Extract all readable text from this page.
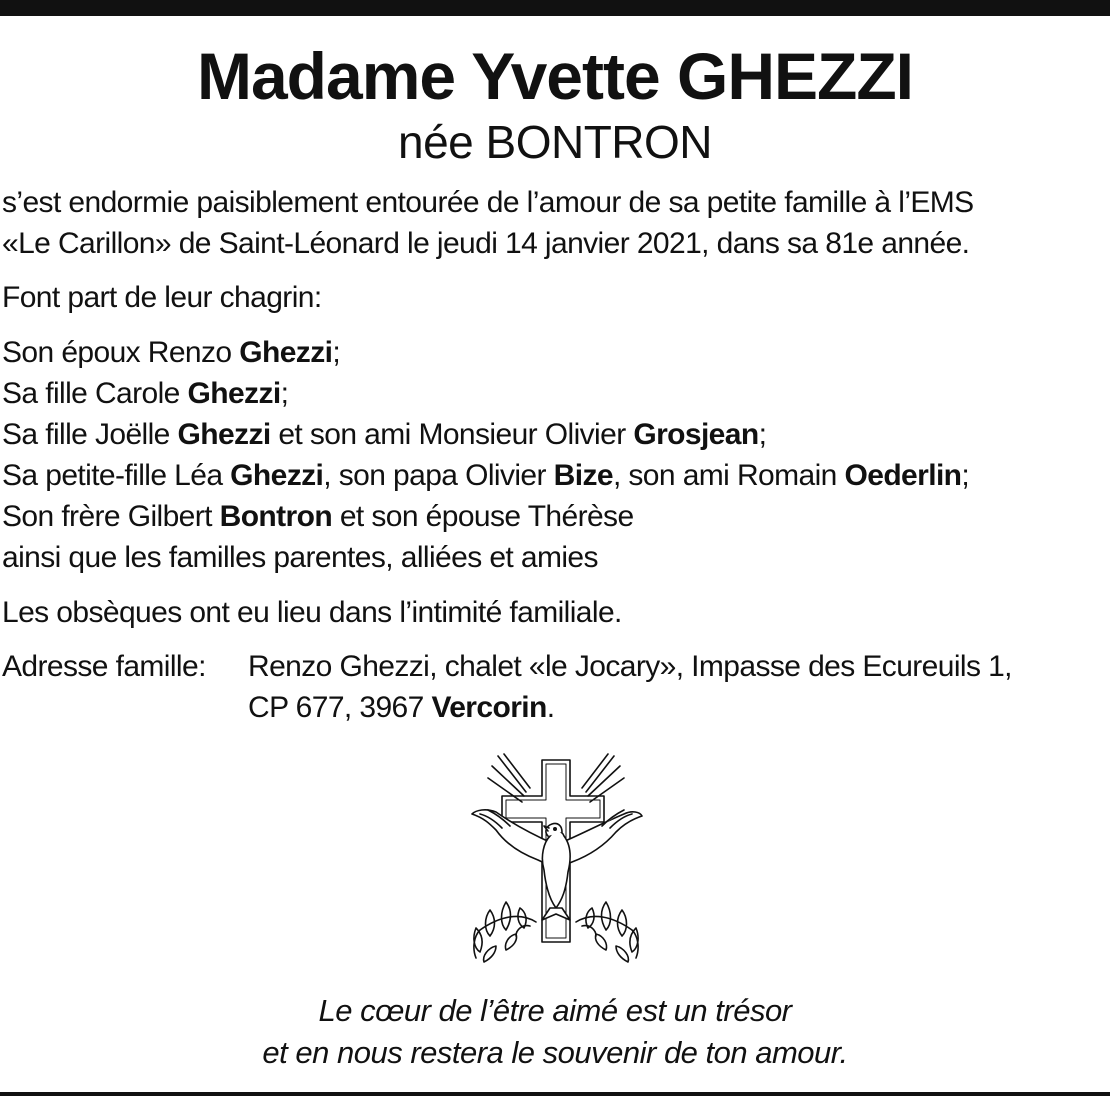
Madame Yvette GHEZZI
née BONTRON
s’est endormie paisiblement entourée de l’amour de sa petite famille à l’EMS
«Le Carillon» de Saint-Léonard le jeudi 14 janvier 2021, dans sa 81e année.
Font part de leur chagrin:
Son époux Renzo Ghezzi;
Sa fille Carole Ghezzi;
Sa fille Joëlle Ghezzi et son ami Monsieur Olivier Grosjean;
Sa petite-fille Léa Ghezzi, son papa Olivier Bize, son ami Romain Oederlin;
Son frère Gilbert Bontron et son épouse Thérèse
ainsi que les familles parentes, alliées et amies
Les obsèques ont eu lieu dans l’intimité familiale.
Adresse famille: Renzo Ghezzi, chalet «le Jocary», Impasse des Ecureuils 1,
CP 677, 3967 Vercorin.
Le cœur de l’être aimé est un trésor
et en nous restera le souvenir de ton amour.
